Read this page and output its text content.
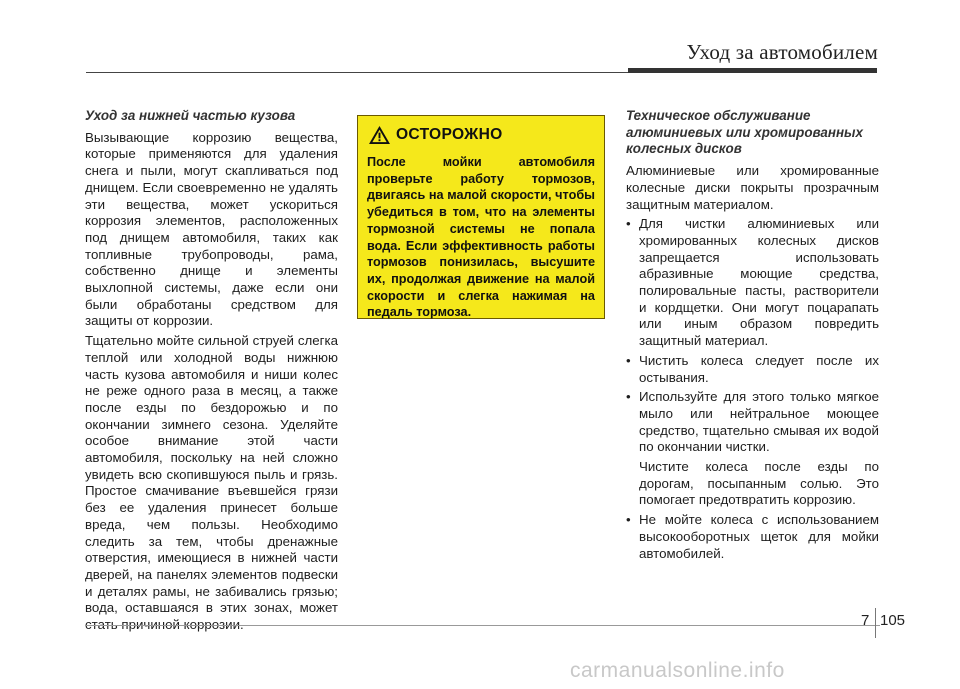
Уход за автомобилем
Уход за нижней частью кузова

Вызывающие коррозию вещества, которые применяются для удаления снега и пыли, могут скапливаться под днищем. Если своевременно не удалять эти вещества, может ускориться коррозия элементов, расположенных под днищем автомобиля, таких как топливные трубопроводы, рама, собственно днище и элементы выхлопной системы, даже если они были обработаны средством для защиты от коррозии.

Тщательно мойте сильной струей слегка теплой или холодной воды нижнюю часть кузова автомобиля и ниши колес не реже одного раза в месяц, а также после езды по бездорожью и по окончании зимнего сезона. Уделяйте особое внимание этой части автомобиля, поскольку на ней сложно увидеть всю скопившуюся пыль и грязь. Простое смачивание въевшейся грязи без ее удаления принесет больше вреда, чем пользы. Необходимо следить за тем, чтобы дренажные отверстия, имеющиеся в нижней части дверей, на панелях элементов подвески и деталях рамы, не забивались грязью; вода, оставшаяся в этих зонах, может стать причиной коррозии.

ОСТОРОЖНО
После мойки автомобиля проверьте работу тормозов, двигаясь на малой скорости, чтобы убедиться в том, что на элементы тормозной системы не попала вода. Если эффективность работы тормозов понизилась, высушите их, продолжая движение на малой скорости и слегка нажимая на педаль тормоза.
Техническое обслуживание алюминиевых или хромированных колесных дисков

Алюминиевые или хромированные колесные диски покрыты прозрачным защитным материалом.

• Для чистки алюминиевых или хромированных колесных дисков запрещается использовать абразивные моющие средства, полировальные пасты, растворители и кордщетки. Они могут поцарапать или иным образом повредить защитный материал.
• Чистить колеса следует после их остывания.
• Используйте для этого только мягкое мыло или нейтральное моющее средство, тщательно смывая их водой по окончании чистки.
Чистите колеса после езды по дорогам, посыпанным солью. Это помогает предотвратить коррозию.
• Не мойте колеса с использованием высокооборотных щеток для мойки автомобилей.
7 105
carmanualsonline.info
